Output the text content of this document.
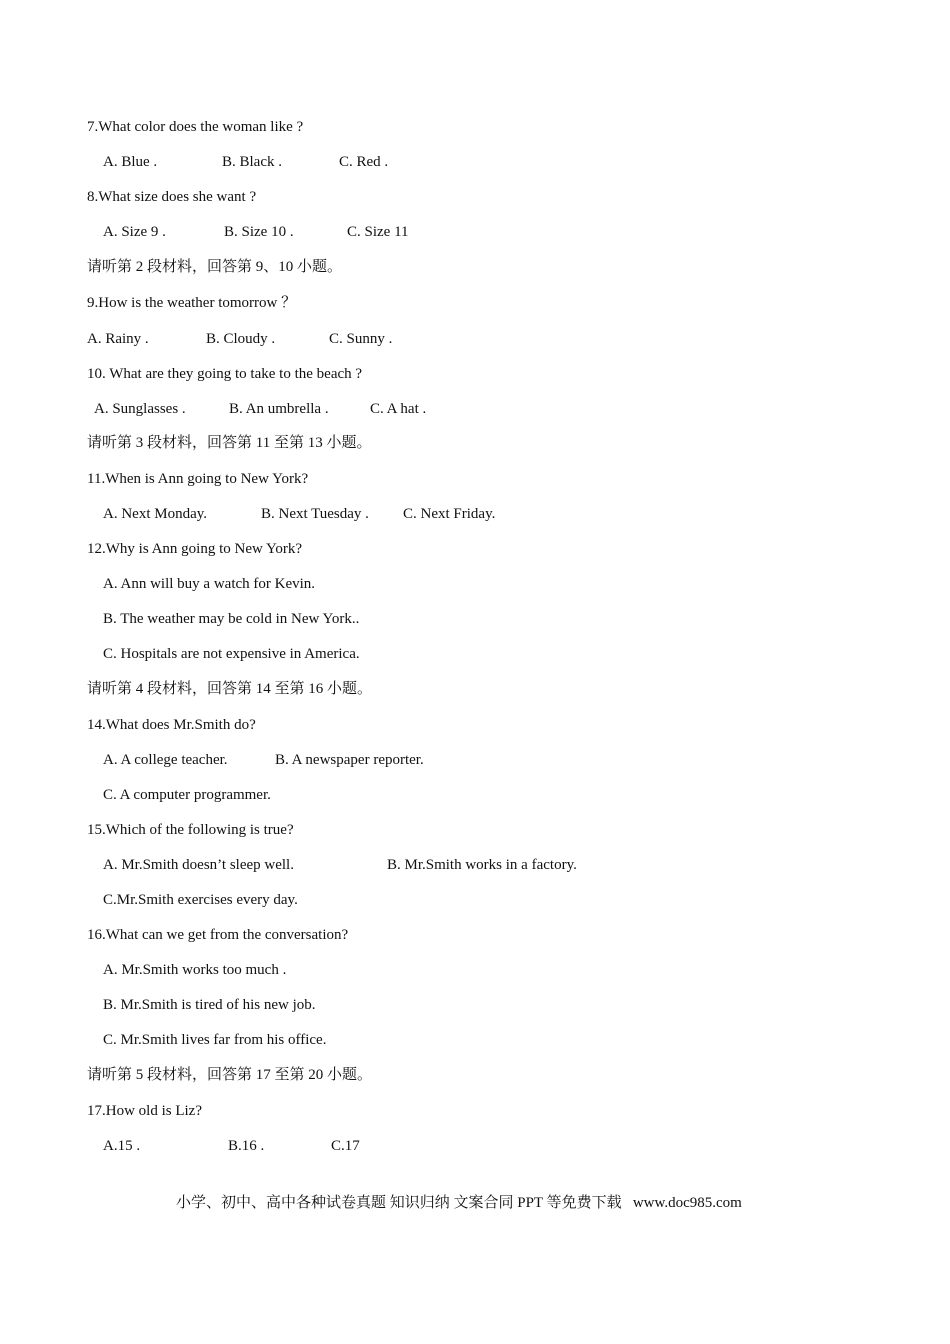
7.What color does the woman like ?
A. Blue .	B. Black .	C. Red .
8.What size does she want ?
A. Size 9 .	B. Size 10 .	C. Size 11
请听第 2 段材料，回答第 9、10 小题。
9.How is the weather tomorrow ？
A. Rainy .	B. Cloudy .	C. Sunny .
10. What are they going to take to the beach ?
A. Sunglasses .	B. An umbrella .	C. A hat .
请听第 3 段材料，回答第 11 至第 13 小题。
11.When is Ann going to New York?
A. Next Monday.	B. Next Tuesday . C. Next Friday.
12.Why is Ann going to New York?
A. Ann will buy a watch for Kevin.
B. The weather may be cold in New York..
C. Hospitals are not expensive in America.
请听第 4 段材料，回答第 14 至第 16 小题。
14.What does Mr.Smith do?
A. A college teacher.	B. A newspaper reporter.
C. A computer programmer.
15.Which of the following is true?
A. Mr.Smith doesn’t sleep well.	B. Mr.Smith works in a factory.
C.Mr.Smith exercises every day.
16.What can we get from the conversation?
A. Mr.Smith works too much .
B. Mr.Smith is tired of his new job.
C. Mr.Smith lives far from his office.
请听第 5 段材料，回答第 17 至第 20 小题。
17.How old is Liz?
A.15 .	B.16 .	C.17
小学、初中、高中各种试卷真题 知识归纳 文案合同 PPT 等免费下载   www.doc985.com
